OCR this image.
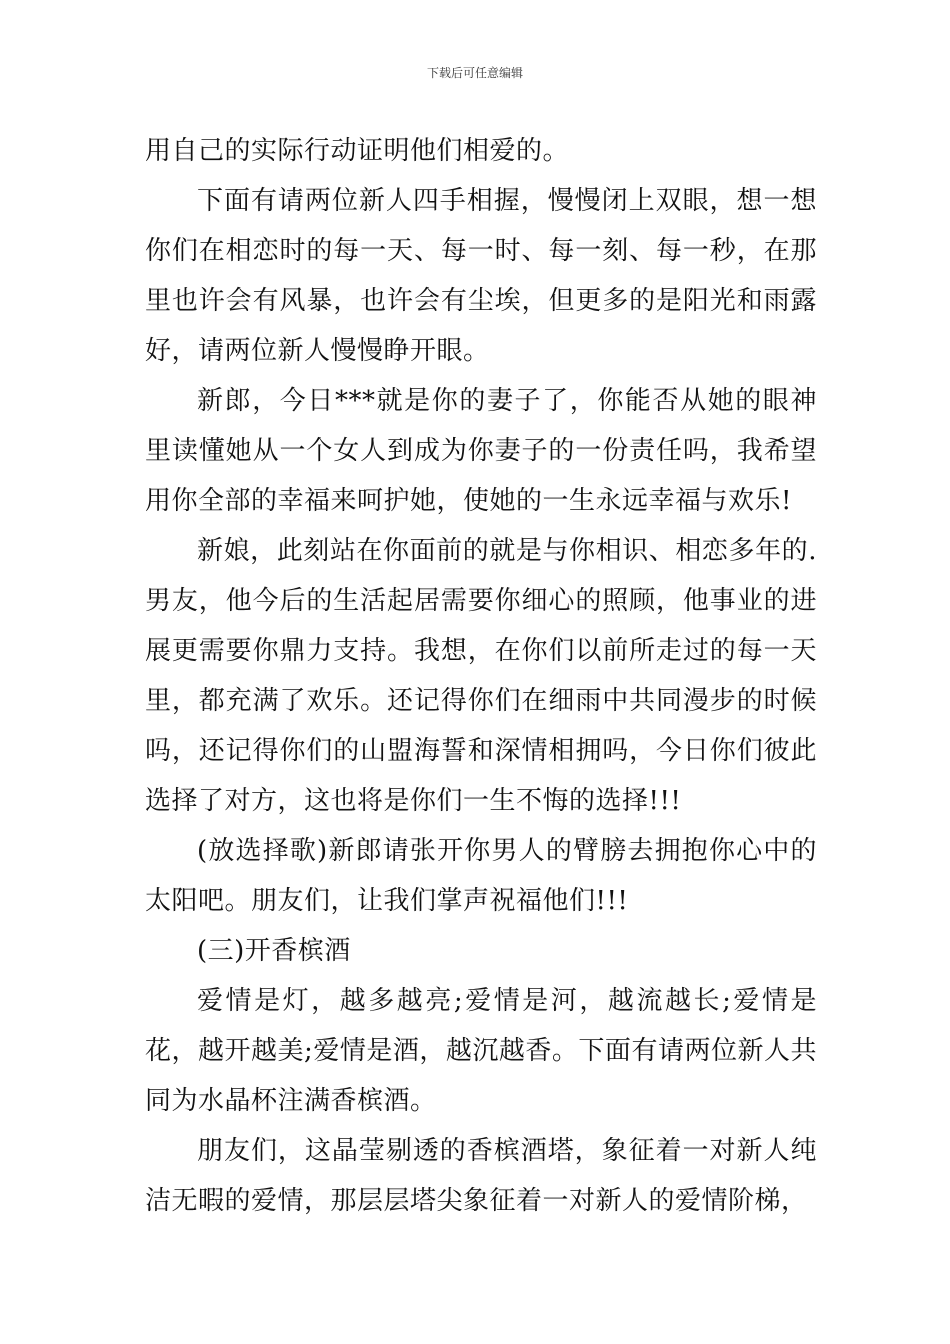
下载后可任意编辑

用自己的实际行动证明他们相爱的。

下面有请两位新人四手相握，慢慢闭上双眼，想一想你们在相恋时的每一天、每一时、每一刻、每一秒，在那里也许会有风暴，也许会有尘埃，但更多的是阳光和雨露好，请两位新人慢慢睁开眼。

新郎，今日***就是你的妻子了，你能否从她的眼神里读懂她从一个女人到成为你妻子的一份责任吗，我希望用你全部的幸福来呵护她，使她的一生永远幸福与欢乐!

新娘，此刻站在你面前的就是与你相识、相恋多年的.男友，他今后的生活起居需要你细心的照顾，他事业的进展更需要你鼎力支持。我想，在你们以前所走过的每一天里，都充满了欢乐。还记得你们在细雨中共同漫步的时候吗，还记得你们的山盟海誓和深情相拥吗，今日你们彼此选择了对方，这也将是你们一生不悔的选择!!!

(放选择歌)新郎请张开你男人的臂膀去拥抱你心中的太阳吧。朋友们，让我们掌声祝福他们!!!

(三)开香槟酒

爱情是灯，越多越亮;爱情是河，越流越长;爱情是花，越开越美;爱情是酒，越沉越香。下面有请两位新人共同为水晶杯注满香槟酒。

朋友们，这晶莹剔透的香槟酒塔，象征着一对新人纯洁无暇的爱情，那层层塔尖象征着一对新人的爱情阶梯，
